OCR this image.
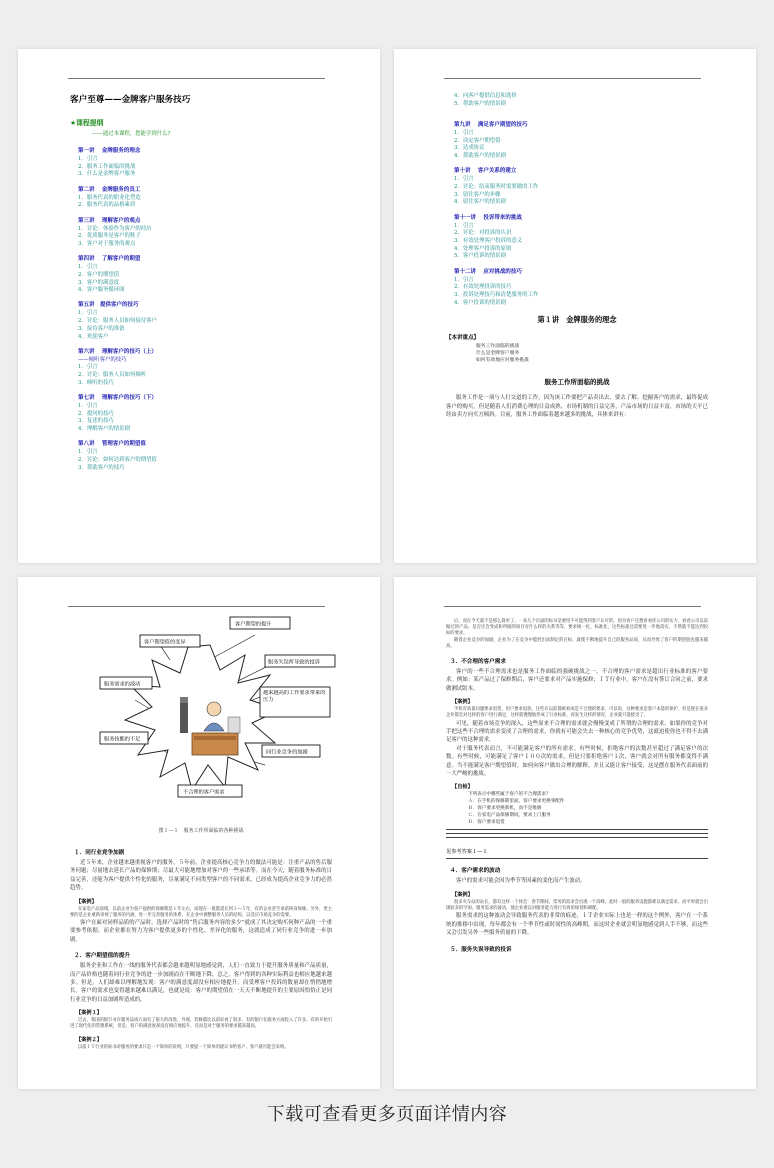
客户至尊——金牌客户服务技巧
★课程提纲
——通过本课程，您能学到什么?
第一讲　 金牌服务的理念
1．引言
2．服务工作面临的挑战
3．什么是金牌客户服务
第二讲　 金牌服务的员工
1．服务代表的职业化塑造
2．服务代表的品格素质
第三讲　 理解客户的观点
1．讨论：体验作为客户的经历
2．优质服务是客户的鞋子
3．客户对于服务的观点
第四讲　 了解客户的期望
1．引言
2．客户的期望值
3．客户的满意度
4．客户服务循环图
第五讲　提供客户的技巧
1．引言
2．讨论：服务人员如何接待客户
3．接待客户的准备
4．欢迎客户
第六讲　 理解客户的技巧（上）
——倾听客户的技巧
1．引言
2．讨论：服务人员如何倾听
3．倾听的技巧
第七讲　 理解客户的技巧（下）
1．引言
2．提问的技巧
3．复述的技巧
4．理解客户的情景剧
第八讲　 管理客户的期望值
1．引言
2．讨论：如何达到客户的期望值
3．帮助客户的技巧
4．向客户提供信息和选择
5．帮助客户的情景剧
第九讲　 满足客户期望的技巧
1．引言
2．设定客户期望值
3．达成协议
4．帮助客户的情景剧
第十讲　 客户关系的建立
1．引言
2．讨论：结束服务时需要做的工作
3．留住客户的步骤
4．留住客户的情景剧
第十一讲　 投诉带来的挑战
1．引言
2．讨论：对投诉的认识
3．有效处理客户投诉的意义
4．处理客户投诉的原则
5．客户投诉的情景剧
第十二讲　 应对挑战的技巧
1．引言
2．有效处理投诉的技巧
3．投诉处理技巧和清楚服务的工作
4．客户投诉的情景剧
第１讲　金牌服务的理念
【本讲重点】
服务工作面临的挑战
什么是金牌客户服务
如何有效地应对服务挑战
服务工作所面临的挑战
服务工作是一项与人打交道的工作，因为该工作要把产品卖出去，要去了解、挖掘客户的需求，最终促成客户的购买。但是随着人们消费心理的日益成熟、市场机制的日益完善，产品市场的日益丰富，市场的天平已经由卖方向买方倾斜。目前，服务工作面临着越来越多的挑战，具体来讲有：
客户期望的提升
客户期望值的变异
服务失误所导致的投诉
服务需求的波动
越来越高的工作要求带来的压力
服务技能的不足
同行业竞争的加剧
不合理的客户需求
图１—１　服务工作所面临的各种挑战
１．同行业竞争加剧
近５年来，企业越来越重视客户的服务，５年前，企业提高核心竞争力的做法可能是：注重产品的售后服务问题；尽量地去延长产品的保修期；尽最大可能地增加对客户的一些承诺等。而在今天，随着服务标准的日益完善，还能为客户提供个性化的服务，尽量满足不同类型客户的不同需求，已经成为提高企业竞争力的必然趋势。
【案例】
在家电产品领域，以前企业为客户提供的保修期是１年左右，而现在一般都延长到３—５年，有的企业甚至承诺终身保修。另外，更主要的是企业重新审视了服务的内涵，进一步完善服务的体系，在企业中调整服务人员的结构，以适应市场竞争的需要。
客户在面对同样品质的产品时，选择产品时的“售后服务内容的多少”就成了其决定购买何种产品的一个重要参考依据。而企业都在努力为客户提供更多的个性化、差异化的服务，这就造成了同行业竞争的进一步加剧。
２．客户期望值的提升
服务企业和工作在一线的服务代表都会越来越明显地感觉到，人们一直致力于提升服务质量和产品质量，而产品价格也随着同行业竞争的进一步加剧而在不断地下降，总之，客户得到的各种实际利益也相应地越来越多。但是，人们却难以理解地发现：客户的满意度却没有相应地提升，而受理客户投诉的数量却在悄悄地增长。客户的需求也变得越来越难以满足，也就是说：客户的期望值在一天天不断地提升的主要原因恰恰正是同行业竞争的日益加剧所造成的。
【案例１】
过去，我国的银行业在服务品质方面有了很大的改进，外观、装修都比以前好看了很多，有的银行在服务方面投入了许多，有的开始引进了现代化的管理系统，但是，客户的满意度却没有相应地提升，反而是对于服务的要求越来越高。
【案例２】
以前ＩＴ行业的标书对服务的要求只是一个简单的说明，只要提一个简单的建议书给客户，客户就可能会采纳。
后，而在今天就不是那么简单了。一来几个页面的标书是要用不可能得到客户认可的，因为客户还想看看你公司的实力、看看公司以前做过的产品、是否还会变成和所做的项目有什么样的关系等等，要求统一化、标准化，这些标准还需要进一步地落实，不然就不能达到投标的要求。
随着企业竞争的加剧，企业为了在竞争中能胜出而制定的目标，就使不断地提升自己的服务品质，从而导致了客户的期望值也越来越高。
３．不合理的客户需求
客户的一些不合理需求也是服务工作面临的强硬挑战之一。不合理的客户需求是超出行业标准的客户要求。例如：某产品过了保修期后，客户还要求对产品实施保修；ＩＴ行业中，客户在没有签订合同之前，要求做测试版本。
【案例】
手机有质量问题要求退货，用户要求退款，这些在以前都被看成是不合理的要求。可以说，这种要求是客户本能的保护，但是现在很多企业都会对这样的客户进行满足，这样就慢慢地形成了行业标准，再发生这样的情况，企业就只能接受了。
可见，随着市场竞争的深入，这些原来不合理的需求就会慢慢变成了所谓的合理的需求。如果你的竞争对手把这些不合理的需求变成了合理的需求，你就有可能会失去一种核心的竞争优势，这就迫使你也不得不去满足客户的这种需求。
对于服务代表而言，不可能满足客户的所有需求。有些时候，拒绝客户的次数甚至超过了满足客户的次数。有些时候，可能满足了客户１００次的需求，但是只要拒绝客户１次，客户就会对所有服务都变得不满意。当不能满足客户期望值时，如何向客户做出合理的解释，并且又能让客户接受，这是摆在服务代表面前的一大严峻的挑战。
【自检】
下列表示中哪些属于客户的不合理需求？
Ａ．在手机的保修期里面，客户要求更换零配件
Ｂ．客户要求更换新机，而不是维修
Ｃ．在家电产品保修期间，要求上门服务
Ｄ．客户要求退货
见参考答案１—１
４．客户需求的波动
客户的需求可能会因为季节等因素的变化而产生波动。
【案例】
很多火车站的站长，都有这样一个体会：春节期间，票务的需求会出现一个高峰，此时一般的服务设施都难以满足需求，而平时就会出现较多的空闲。服务需求的波动，使企业难以对服务能力进行有效的规划和调配。
服务需求的这种波动会导致服务代表的非常的痕迹，ＩＴ企业实际上也是一样的这个例外，客户在一个系统的推移中出现，每年都会有一个季节性或时间性的高峰期，而这时企业就会明显地感觉到人手不够，而这些又会引发另外一些服务质量的下降。
５．服务失误导致的投诉
下载可查看更多页面详情内容
